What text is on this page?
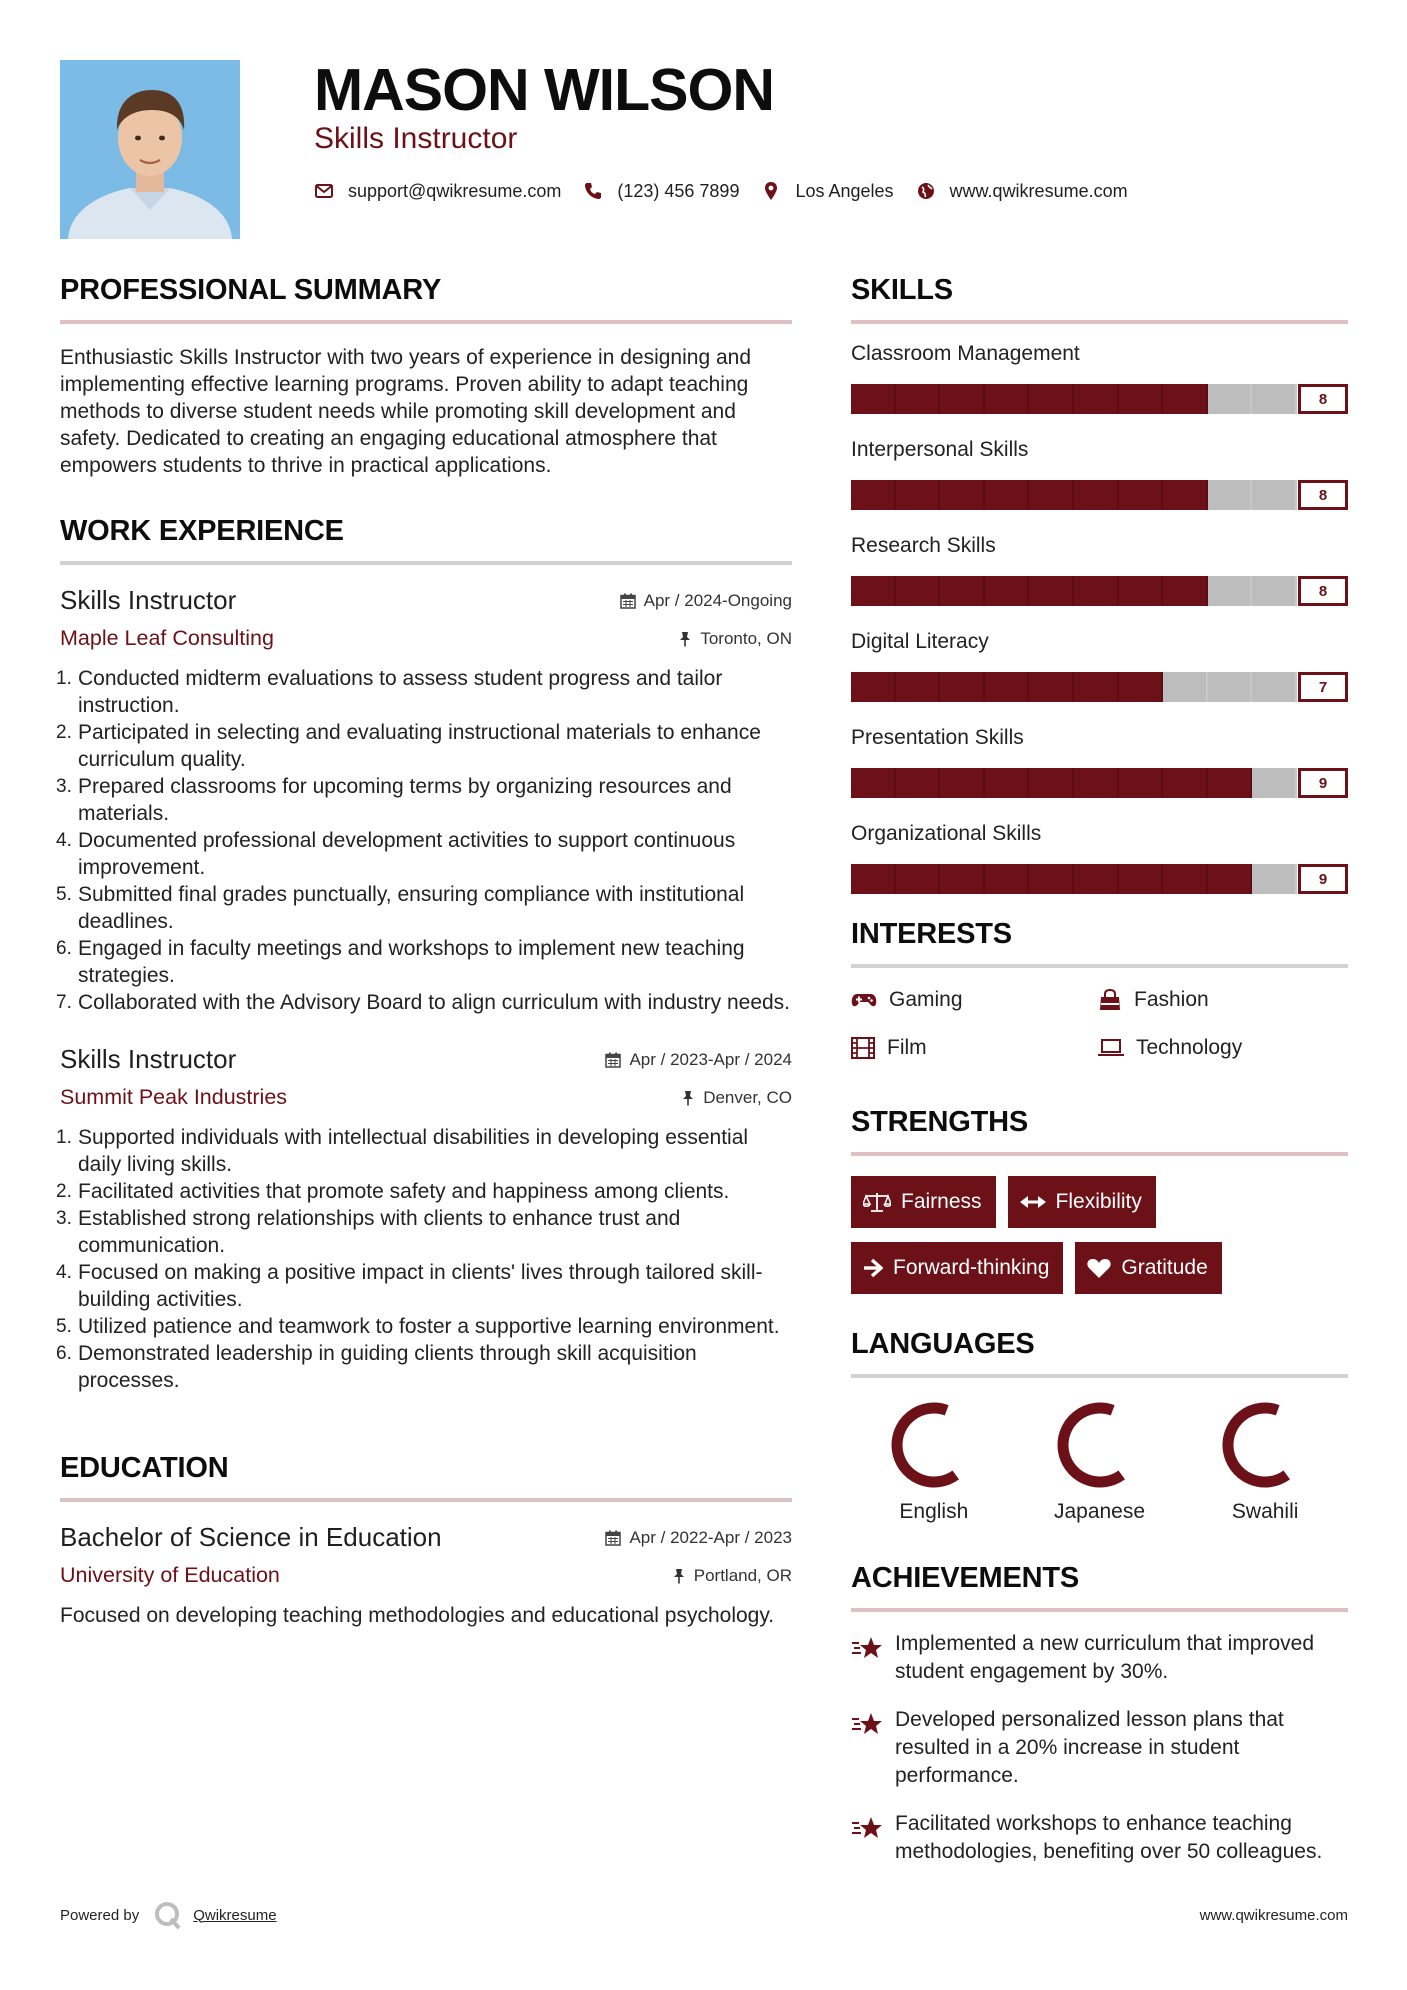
MASON WILSON
Skills Instructor
support@qwikresume.com	(123) 456 7899	Los Angeles	www.qwikresume.com
PROFESSIONAL SUMMARY
Enthusiastic Skills Instructor with two years of experience in designing and implementing effective learning programs. Proven ability to adapt teaching methods to diverse student needs while promoting skill development and safety. Dedicated to creating an engaging educational atmosphere that empowers students to thrive in practical applications.
WORK EXPERIENCE
Skills Instructor	Apr / 2024-Ongoing
Maple Leaf Consulting	Toronto, ON
Conducted midterm evaluations to assess student progress and tailor instruction.
Participated in selecting and evaluating instructional materials to enhance curriculum quality.
Prepared classrooms for upcoming terms by organizing resources and materials.
Documented professional development activities to support continuous improvement.
Submitted final grades punctually, ensuring compliance with institutional deadlines.
Engaged in faculty meetings and workshops to implement new teaching strategies.
Collaborated with the Advisory Board to align curriculum with industry needs.
Skills Instructor	Apr / 2023-Apr / 2024
Summit Peak Industries	Denver, CO
Supported individuals with intellectual disabilities in developing essential daily living skills.
Facilitated activities that promote safety and happiness among clients.
Established strong relationships with clients to enhance trust and communication.
Focused on making a positive impact in clients' lives through tailored skill-building activities.
Utilized patience and teamwork to foster a supportive learning environment.
Demonstrated leadership in guiding clients through skill acquisition processes.
EDUCATION
Bachelor of Science in Education	Apr / 2022-Apr / 2023
University of Education	Portland, OR
Focused on developing teaching methodologies and educational psychology.
SKILLS
Classroom Management
8
Interpersonal Skills
8
Research Skills
8
Digital Literacy
7
Presentation Skills
9
Organizational Skills
9
INTERESTS
Gaming	Fashion
Film	Technology
STRENGTHS
Fairness	Flexibility
Forward-thinking	Gratitude
LANGUAGES
English	Japanese	Swahili
ACHIEVEMENTS
Implemented a new curriculum that improved student engagement by 30%.
Developed personalized lesson plans that resulted in a 20% increase in student performance.
Facilitated workshops to enhance teaching methodologies, benefiting over 50 colleagues.
Powered by	Qwikresume	www.qwikresume.com
